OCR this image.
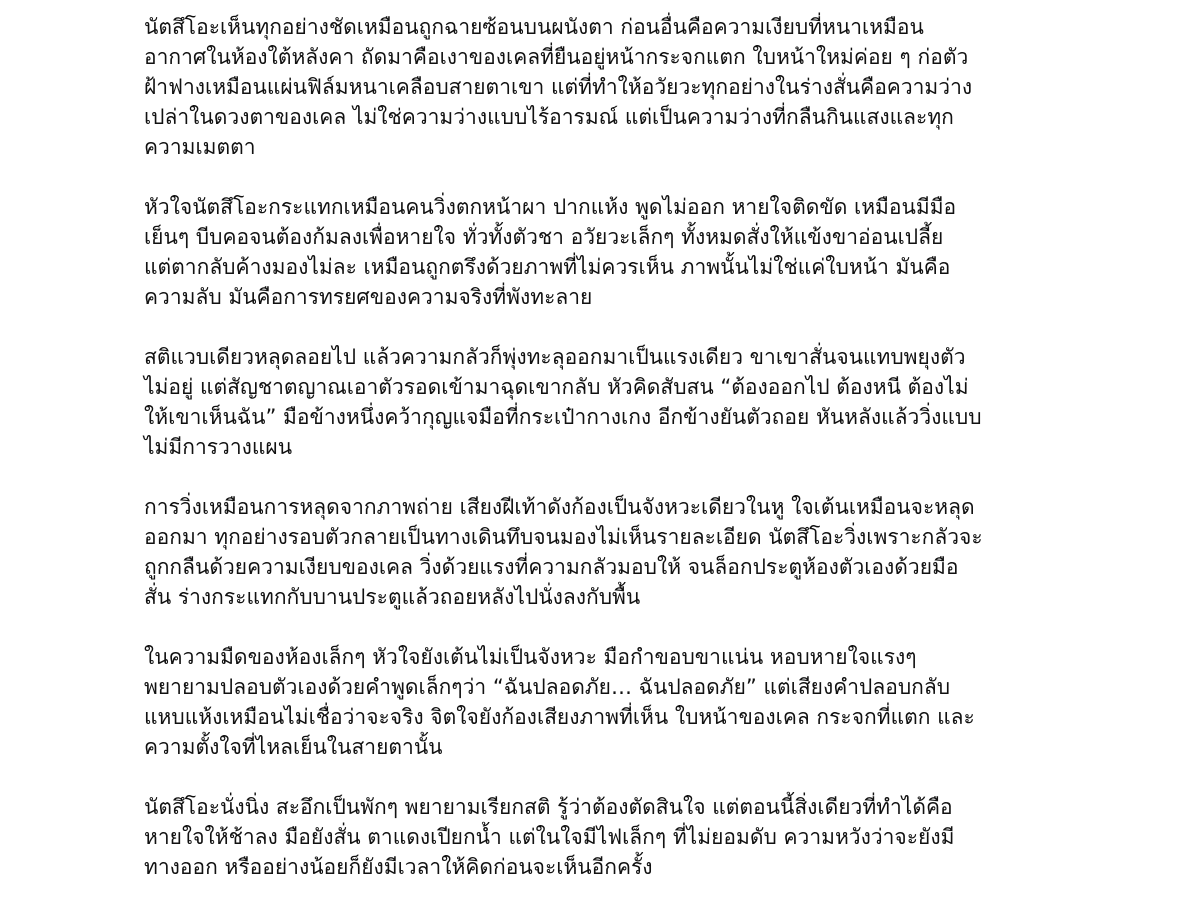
นัตสึโอะเห็นทุกอย่างชัดเหมือนถูกฉายซ้อนบนผนังตา ก่อนอื่นคือความเงียบที่หนาเหมือน
อากาศในห้องใต้หลังคา ถัดมาคือเงาของเคลที่ยืนอยู่หน้ากระจกแตก ใบหน้าใหม่ค่อย ๆ ก่อตัว
ฝ้าฟางเหมือนแผ่นฟิล์มหนาเคลือบสายตาเขา แต่ที่ทำให้อวัยวะทุกอย่างในร่างสั่นคือความว่าง
เปล่าในดวงตาของเคล ไม่ใช่ความว่างแบบไร้อารมณ์ แต่เป็นความว่างที่กลืนกินแสงและทุก
ความเมตตา
หัวใจนัตสึโอะกระแทกเหมือนคนวิ่งตกหน้าผา ปากแห้ง พูดไม่ออก หายใจติดขัด เหมือนมีมือ
เย็นๆ บีบคอจนต้องก้มลงเพื่อหายใจ ทั่วทั้งตัวชา อวัยวะเล็กๆ ทั้งหมดสั่งให้แข้งขาอ่อนเปลี้ย
แต่ตากลับค้างมองไม่ละ เหมือนถูกตรึงด้วยภาพที่ไม่ควรเห็น ภาพนั้นไม่ใช่แค่ใบหน้า มันคือ
ความลับ มันคือการทรยศของความจริงที่พังทะลาย
สติแวบเดียวหลุดลอยไป แล้วความกลัวก็พุ่งทะลุออกมาเป็นแรงเดียว ขาเขาสั่นจนแทบพยุงตัว
ไม่อยู่ แต่สัญชาตญาณเอาตัวรอดเข้ามาฉุดเขากลับ หัวคิดสับสน “ต้องออกไป ต้องหนี ต้องไม่
ให้เขาเห็นฉัน” มือข้างหนึ่งคว้ากุญแจมือที่กระเป๋ากางเกง อีกข้างยันตัวถอย หันหลังแล้ววิ่งแบบ
ไม่มีการวางแผน
การวิ่งเหมือนการหลุดจากภาพถ่าย เสียงฝีเท้าดังก้องเป็นจังหวะเดียวในหู ใจเต้นเหมือนจะหลุด
ออกมา ทุกอย่างรอบตัวกลายเป็นทางเดินทึบจนมองไม่เห็นรายละเอียด นัตสึโอะวิ่งเพราะกลัวจะ
ถูกกลืนด้วยความเงียบของเคล วิ่งด้วยแรงที่ความกลัวมอบให้ จนล็อกประตูห้องตัวเองด้วยมือ
สั่น ร่างกระแทกกับบานประตูแล้วถอยหลังไปนั่งลงกับพื้น
ในความมืดของห้องเล็กๆ หัวใจยังเต้นไม่เป็นจังหวะ มือกำขอบขาแน่น หอบหายใจแรงๆ
พยายามปลอบตัวเองด้วยคำพูดเล็กๆว่า “ฉันปลอดภัย… ฉันปลอดภัย” แต่เสียงคำปลอบกลับ
แหบแห้งเหมือนไม่เชื่อว่าจะจริง จิตใจยังก้องเสียงภาพที่เห็น ใบหน้าของเคล กระจกที่แตก และ
ความตั้งใจที่ไหลเย็นในสายตานั้น
นัตสึโอะนั่งนิ่ง สะอึกเป็นพักๆ พยายามเรียกสติ รู้ว่าต้องตัดสินใจ แต่ตอนนี้สิ่งเดียวที่ทำได้คือ
หายใจให้ช้าลง มือยังสั่น ตาแดงเปียกน้ำ แต่ในใจมีไฟเล็กๆ ที่ไม่ยอมดับ ความหวังว่าจะยังมี
ทางออก หรืออย่างน้อยก็ยังมีเวลาให้คิดก่อนจะเห็นอีกครั้ง
